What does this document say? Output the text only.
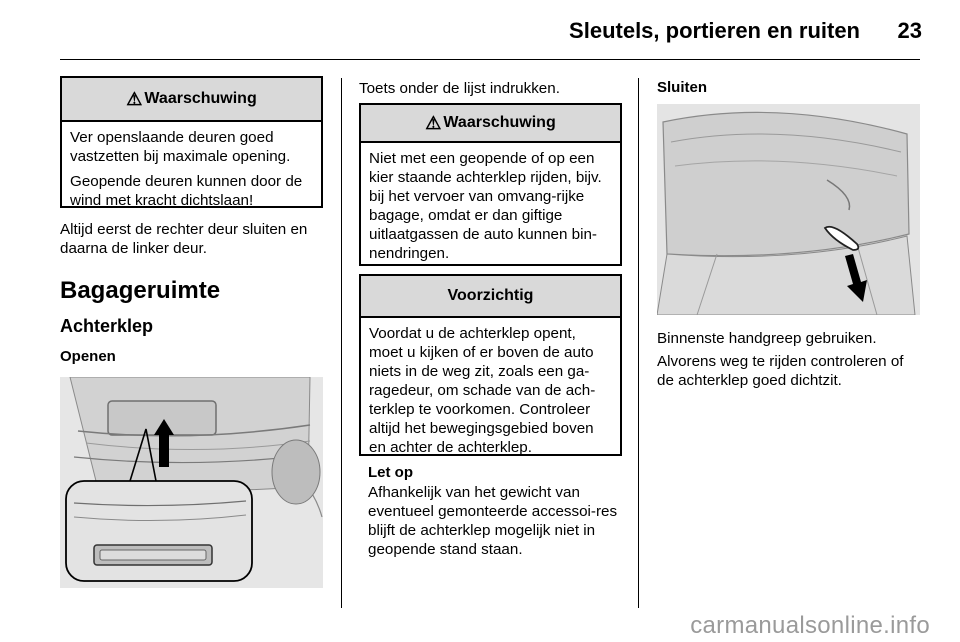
Sleutels, portieren en ruiten 23
⚠ Waarschuwing

Ver openslaande deuren goed vastzetten bij maximale opening.

Geopende deuren kunnen door de wind met kracht dichtslaan!

Altijd eerst de rechter deur sluiten en daarna de linker deur.
Bagageruimte
Achterklep
Openen
Toets onder de lijst indrukken.
⚠ Waarschuwing

Niet met een geopende of op een kier staande achterklep rijden, bijv. bij het vervoer van omvang-rijke bagage, omdat er dan giftige uitlaatgassen de auto kunnen bin-nendringen.

Voorzichtig

Voordat u de achterklep opent, moet u kijken of er boven de auto niets in de weg zit, zoals een ga-ragedeur, om schade van de ach-terklep te voorkomen. Controleer altijd het bewegingsgebied boven en achter de achterklep.

Let op
Afhankelijk van het gewicht van eventueel gemonteerde accessoi-res blijft de achterklep mogelijk niet in geopende stand staan.
Sluiten
Binnenste handgreep gebruiken.
Alvorens weg te rijden controleren of de achterklep goed dichtzit.
carmanualsonline.info
